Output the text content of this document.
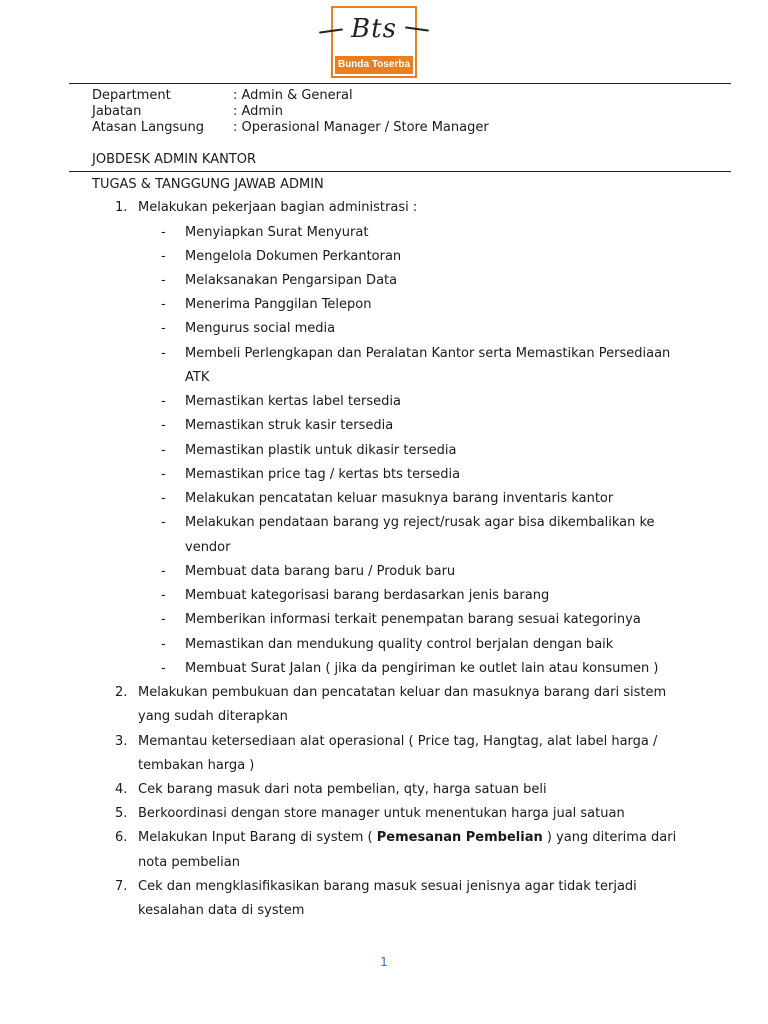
Bts
Bunda Toserba
Department	: Admin & General
Jabatan	: Admin
Atasan Langsung : Operasional Manager / Store Manager
JOBDESK ADMIN KANTOR
TUGAS & TANGGUNG JAWAB ADMIN
1. Melakukan pekerjaan bagian administrasi :
- Menyiapkan Surat Menyurat
- Mengelola Dokumen Perkantoran
- Melaksanakan Pengarsipan Data
- Menerima Panggilan Telepon
- Mengurus social media
- Membeli Perlengkapan dan Peralatan Kantor serta Memastikan Persediaan
ATK
- Memastikan kertas label tersedia
- Memastikan struk kasir tersedia
- Memastikan plastik untuk dikasir tersedia
- Memastikan price tag / kertas bts tersedia
- Melakukan pencatatan keluar masuknya barang inventaris kantor
- Melakukan pendataan barang yg reject/rusak agar bisa dikembalikan ke
vendor
- Membuat data barang baru / Produk baru
- Membuat kategorisasi barang berdasarkan jenis barang
- Memberikan informasi terkait penempatan barang sesuai kategorinya
- Memastikan dan mendukung quality control berjalan dengan baik
- Membuat Surat Jalan ( jika da pengiriman ke outlet lain atau konsumen )
2. Melakukan pembukuan dan pencatatan keluar dan masuknya barang dari sistem
yang sudah diterapkan
3. Memantau ketersediaan alat operasional ( Price tag, Hangtag, alat label harga /
tembakan harga )
4. Cek barang masuk dari nota pembelian, qty, harga satuan beli
5. Berkoordinasi dengan store manager untuk menentukan harga jual satuan
6. Melakukan Input Barang di system ( Pemesanan Pembelian ) yang diterima dari
nota pembelian
7. Cek dan mengklasifikasikan barang masuk sesuai jenisnya agar tidak terjadi
kesalahan data di system
1
